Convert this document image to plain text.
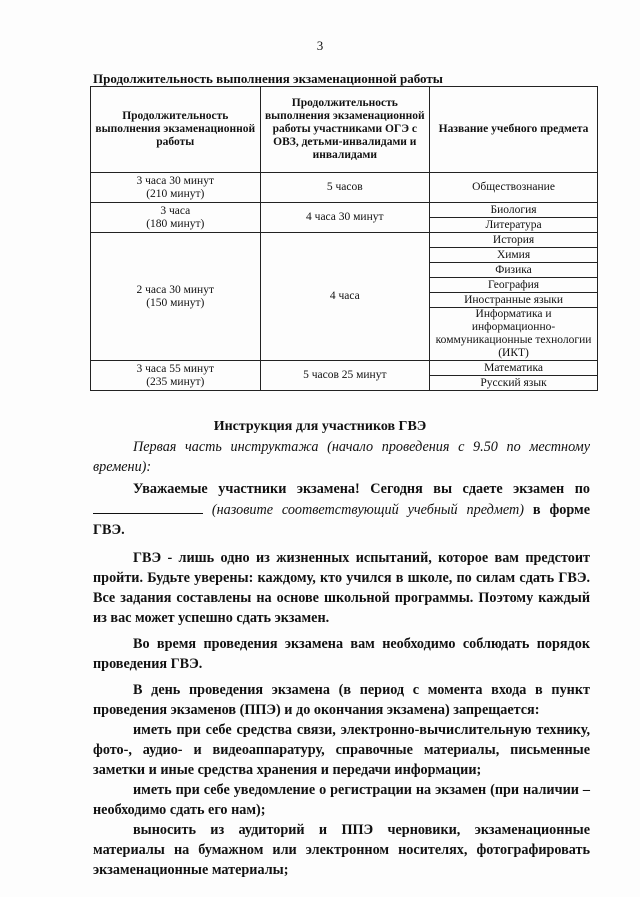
3
Продолжительность выполнения экзаменационной работы
Продолжительность выполнения экзаменационной работы	Продолжительность выполнения экзаменационной работы участниками ОГЭ с ОВЗ, детьми-инвалидами и инвалидами	Название учебного предмета
3 часа 30 минут
(210 минут)	5 часов	Обществознание
3 часа
(180 минут)	4 часа 30 минут	Биология
		Литература
2 часа 30 минут
(150 минут)	4 часа	История
		Химия
		Физика
		География
		Иностранные языки
		Информатика и информационно-коммуникационные технологии (ИКТ)
3 часа 55 минут
(235 минут)	5 часов 25 минут	Математика
		Русский язык
Инструкция для участников ГВЭ

Первая часть инструктажа (начало проведения с 9.50 по местному времени):

Уважаемые участники экзамена! Сегодня вы сдаете экзамен по  (назовите соответствующий учебный предмет) в форме ГВЭ.

ГВЭ - лишь одно из жизненных испытаний, которое вам предстоит пройти. Будьте уверены: каждому, кто учился в школе, по силам сдать ГВЭ. Все задания составлены на основе школьной программы. Поэтому каждый из вас может успешно сдать экзамен.

Во время проведения экзамена вам необходимо соблюдать порядок проведения ГВЭ.

В день проведения экзамена (в период с момента входа в пункт проведения экзаменов (ППЭ) и до окончания экзамена) запрещается:

иметь при себе средства связи, электронно-вычислительную технику, фото-, аудио- и видеоаппаратуру, справочные материалы, письменные заметки и иные средства хранения и передачи информации;

иметь при себе уведомление о регистрации на экзамен (при наличии – необходимо сдать его нам);

выносить из аудиторий и ППЭ черновики, экзаменационные материалы на бумажном или электронном носителях, фотографировать экзаменационные материалы;
